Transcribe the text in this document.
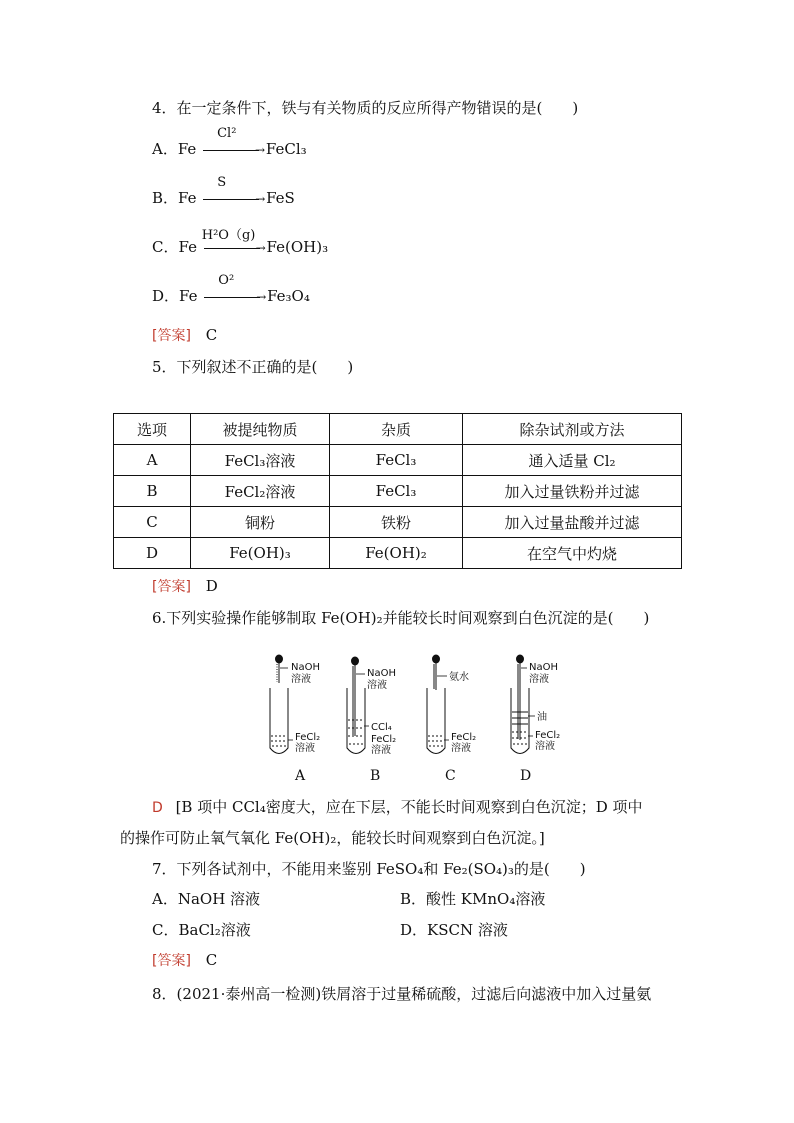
4．在一定条件下，铁与有关物质的反应所得产物错误的是(　　)
A．Fe	→
Cl²
FeCl₃
B．Fe	→
S
FeS
C．Fe	→
H²O（g)
Fe(OH)₃
D．Fe	→
O²
Fe₃O₄
[答案] C
5．下列叙述不正确的是(　　)
选项	被提纯物质	杂质	除杂试剂或方法
A	FeCl₃溶液	FeCl₃	通入适量 Cl₂
B	FeCl₂溶液	FeCl₃	加入过量铁粉并过滤
C	铜粉	铁粉	加入过量盐酸并过滤
D	Fe(OH)₃	Fe(OH)₂	在空气中灼烧
[答案] D
6.下列实验操作能够制取 Fe(OH)₂并能较长时间观察到白色沉淀的是(　　)
NaOH
溶液
FeCl₂
溶液
NaOH
溶液
CCl₄
FeCl₂
溶液
氨水
FeCl₂
溶液
NaOH
溶液
油
FeCl₂
溶液
A	B	C	D
D [B 项中 CCl₄密度大，应在下层，不能长时间观察到白色沉淀；D 项中
的操作可防止氧气氧化 Fe(OH)₂，能较长时间观察到白色沉淀。]
7．下列各试剂中，不能用来鉴别 FeSO₄和 Fe₂(SO₄)₃的是(　　)
A．NaOH 溶液	B．酸性 KMnO₄溶液
C．BaCl₂溶液	D．KSCN 溶液
[答案] C
8．(2021·泰州高一检测)铁屑溶于过量稀硫酸，过滤后向滤液中加入过量氨
